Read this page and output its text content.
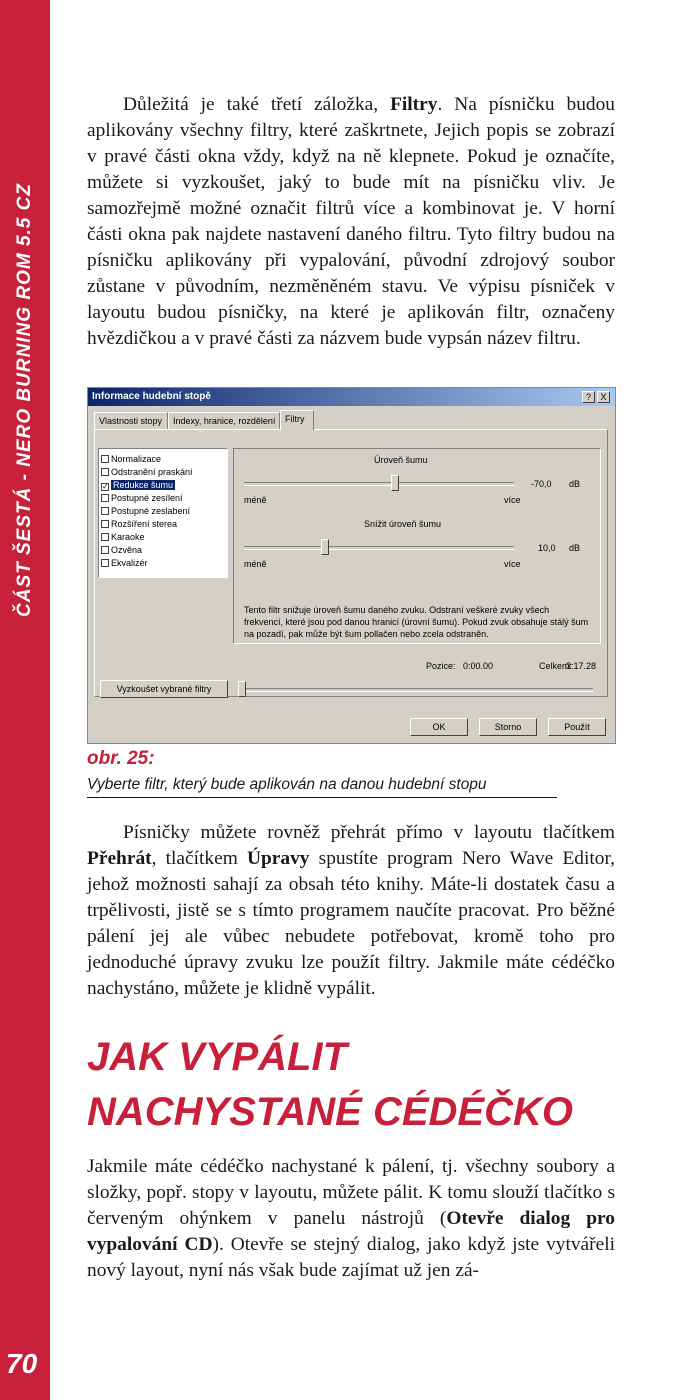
ČÁST ŠESTÁ - NERO BURNING ROM 5.5 CZ
70

Důležitá je také třetí záložka, Filtry. Na písničku budou aplikovány všechny filtry, které zaškrtnete, Jejich popis se zobrazí v pravé části okna vždy, když na ně klepnete. Pokud je označíte, můžete si vyzkoušet, jaký to bude mít na písničku vliv. Je samozřejmě možné označit filtrů více a kombinovat je. V horní části okna pak najdete nastavení daného filtru. Tyto filtry budou na písničku aplikovány při vypalování, původní zdrojový soubor zůstane v původním, nezměněném stavu. Ve výpisu písniček v layoutu budou písničky, na které je aplikován filtr, označeny hvězdičkou a v pravé části za názvem bude vypsán název filtru.

Informace hudební stopě	?	X
Vlastnosti stopy	Indexy, hranice, rozdělení	Filtry
Normalizace
Odstranění praskání
✓ Redukce šumu
Postupné zesílení
Postupné zeslabení
Rozšíření sterea
Karaoke
Ozvěna
Ekvalizér
Úroveň šumu
méně	více
-70,0 dB
Snížit úroveň šumu
méně	více
10,0 dB
Tento filtr snižuje úroveň šumu daného zvuku. Odstraní veškeré zvuky všech
frekvencí, které jsou pod danou hranicí (úrovní šumu). Pokud zvuk obsahuje stálý šum
na pozadí, pak může být šum pollačen nebo zcela odstraněn.
Pozice: 0:00.00	Celkem:
3:17.28
Vyzkoušet vybrané filtry
OK	Storno	Použít

obr. 25:

Vyberte filtr, který bude aplikován na danou hudební stopu

Písničky můžete rovněž přehrát přímo v layoutu tlačítkem Přehrát, tlačítkem Úpravy spustíte program Nero Wave Editor, jehož možnosti sahají za obsah této knihy. Máte-li dostatek času a trpělivosti, jistě se s tímto programem naučíte pracovat. Pro běžné pálení jej ale vůbec nebudete potřebovat, kromě toho pro jednoduché úpravy zvuku lze použít filtry. Jakmile máte cédéčko nachystáno, můžete je klidně vypálit.

JAK VYPÁLIT
NACHYSTANÉ CÉDÉČKO

Jakmile máte cédéčko nachystané k pálení, tj. všechny soubory a složky, popř. stopy v layoutu, můžete pálit. K tomu slouží tlačítko s červeným ohýnkem v panelu nástrojů (Otevře dialog pro vypalování CD). Otevře se stejný dialog, jako když jste vytvářeli nový layout, nyní nás však bude zajímat už jen zá-
